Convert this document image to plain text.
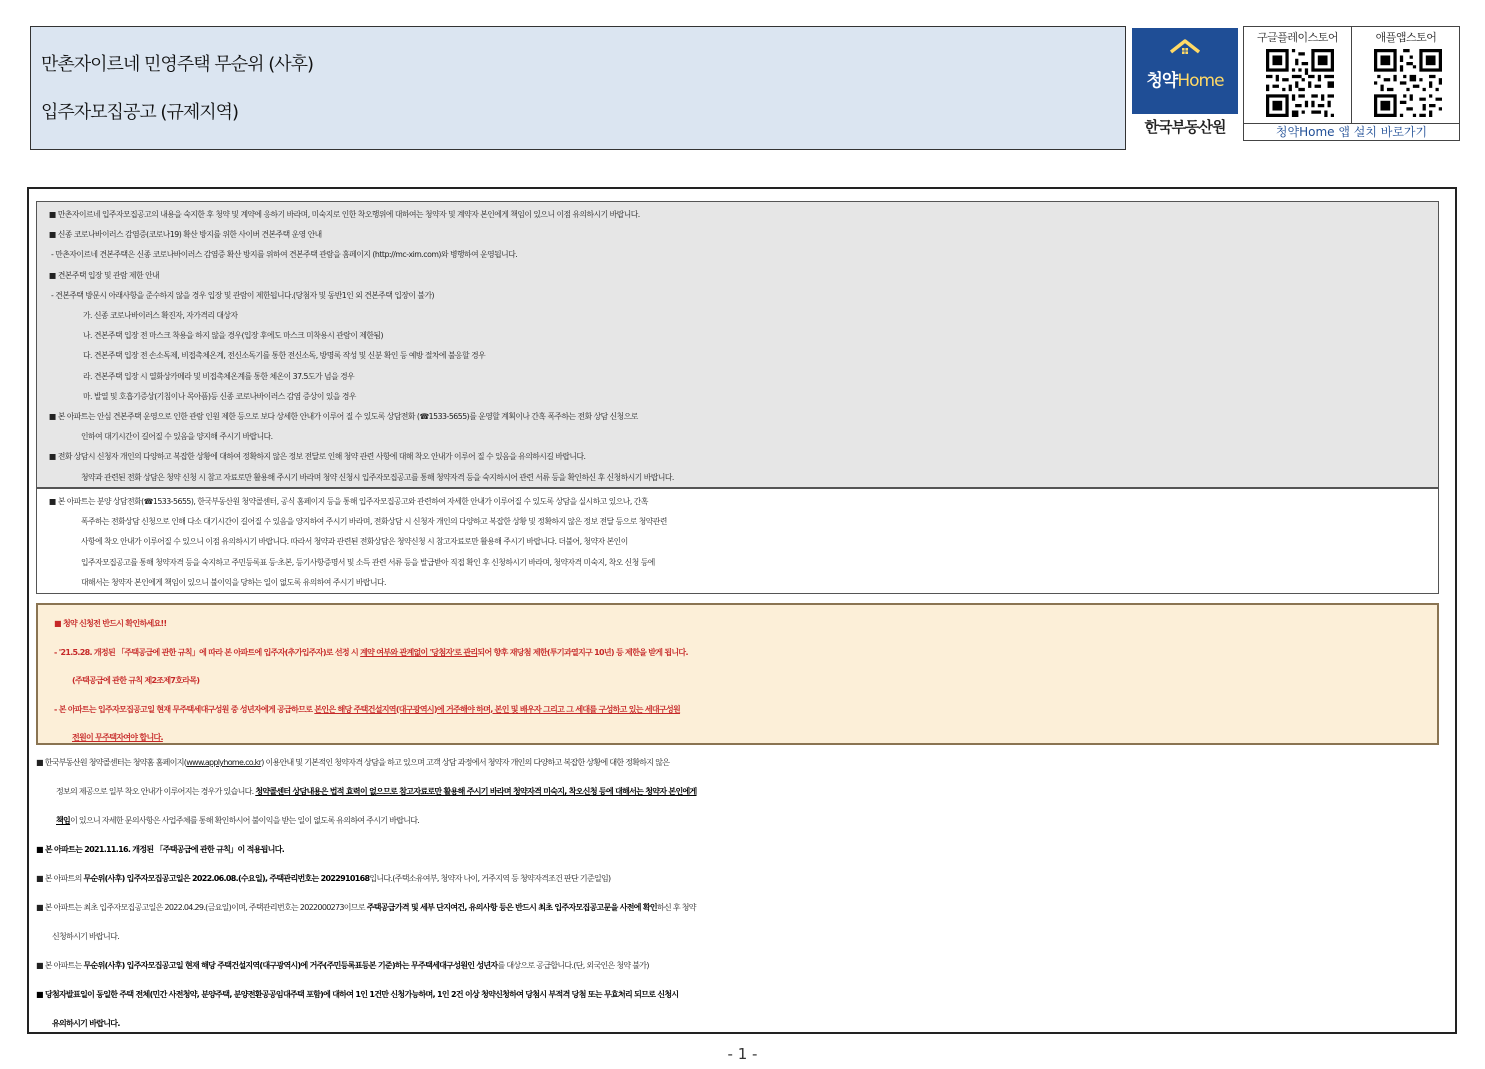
만촌자이르네 민영주택 무순위 (사후)
입주자모집공고 (규제지역)
청약Home
한국부동산원
구글플레이스토어	애플앱스토어
청약Home 앱 설치 바로가기
■ 만촌자이르네 입주자모집공고의 내용을 숙지한 후 청약 및 계약에 응하기 바라며, 미숙지로 인한 착오행위에 대하여는 청약자 및 계약자 본인에게 책임이 있으니 이점 유의하시기 바랍니다.
■ 신종 코로나바이러스 감염증(코로나19) 확산 방지를 위한 사이버 견본주택 운영 안내
- 만촌자이르네 견본주택은 신종 코로나바이러스 감염증 확산 방지를 위하여 견본주택 관람을 홈페이지 (http://mc-xirn.com)와 병행하여 운영됩니다.
■ 견본주택 입장 및 관람 제한 안내
- 견본주택 방문시 아래사항을 준수하지 않을 경우 입장 및 관람이 제한됩니다.(당첨자 및 동반1인 외 견본주택 입장이 불가)
가. 신종 코로나바이러스 확진자, 자가격리 대상자
나. 견본주택 입장 전 마스크 착용을 하지 않을 경우(입장 후에도 마스크 미착용시 관람이 제한됨)
다. 견본주택 입장 전 손소독제, 비접촉체온계, 전신소독기를 통한 전신소독, 방명록 작성 및 신분 확인 등 예방 절차에 불응할 경우
라. 견본주택 입장 시 열화상카메라 및 비접촉체온계를 통한 체온이 37.5도가 넘을 경우
마. 발열 및 호흡기증상(기침이나 목아픔)등 신종 코로나바이러스 감염 증상이 있을 경우
■ 본 아파트는 안심 견본주택 운영으로 인한 관람 인원 제한 등으로 보다 상세한 안내가 이루어 질 수 있도록 상담전화 (☎1533-5655)를 운영할 계획이나 간혹 폭주하는 전화 상담 신청으로
인하여 대기시간이 길어질 수 있음을 양지해 주시기 바랍니다.
■ 전화 상담시 신청자 개인의 다양하고 복잡한 상황에 대하여 정확하지 않은 정보 전달로 인해 청약 관련 사항에 대해 착오 안내가 이루어 질 수 있음을 유의하시길 바랍니다.
청약과 관련된 전화 상담은 청약 신청 시 참고 자료로만 활용해 주시기 바라며 청약 신청시 입주자모집공고를 통해 청약자격 등을 숙지하시어 관련 서류 등을 확인하신 후 신청하시기 바랍니다.
■ 본 아파트는 분양 상담전화(☎1533-5655), 한국부동산원 청약콜센터, 공식 홈페이지 등을 통해 입주자모집공고와 관련하여 자세한 안내가 이루어질 수 있도록 상담을 실시하고 있으나, 간혹
폭주하는 전화상담 신청으로 인해 다소 대기시간이 길어질 수 있음을 양지하여 주시기 바라며, 전화상담 시 신청자 개인의 다양하고 복잡한 상황 및 정확하지 않은 정보 전달 등으로 청약관련
사항에 착오 안내가 이루어질 수 있으니 이점 유의하시기 바랍니다. 따라서 청약과 관련된 전화상담은 청약신청 시 참고자료로만 활용해 주시기 바랍니다. 더불어, 청약자 본인이
입주자모집공고를 통해 청약자격 등을 숙지하고 주민등록표 등·초본, 등기사항증명서 및 소득 관련 서류 등을 발급받아 직접 확인 후 신청하시기 바라며, 청약자격 미숙지, 착오 신청 등에
대해서는 청약자 본인에게 책임이 있으니 불이익을 당하는 일이 없도록 유의하여 주시기 바랍니다.
■ 청약 신청전 반드시 확인하세요!!
- '21.5.28. 개정된 「주택공급에 관한 규칙」에 따라 본 아파트에 입주자(추가입주자)로 선정 시 계약 여부와 관계없이 '당첨자'로 관리되어 향후 재당첨 제한(투기과열지구 10년) 등 제한을 받게 됩니다.
(주택공급에 관한 규칙 제2조제7호라목)
- 본 아파트는 입주자모집공고일 현재 무주택세대구성원 중 성년자에게 공급하므로 본인은 해당 주택건설지역(대구광역시)에 거주해야 하며, 본인 및 배우자 그리고 그 세대를 구성하고 있는 세대구성원
전원이 무주택자여야 합니다.
■ 한국부동산원 청약콜센터는 청약홈 홈페이지(www.applyhome.co.kr) 이용안내 및 기본적인 청약자격 상담을 하고 있으며 고객 상담 과정에서 청약자 개인의 다양하고 복잡한 상황에 대한 정확하지 않은
정보의 제공으로 일부 착오 안내가 이루어지는 경우가 있습니다. 청약콜센터 상담내용은 법적 효력이 없으므로 참고자료로만 활용해 주시기 바라며 청약자격 미숙지, 착오신청 등에 대해서는 청약자 본인에게
책임이 있으니 자세한 문의사항은 사업주체를 통해 확인하시어 불이익을 받는 일이 없도록 유의하여 주시기 바랍니다.
■ 본 아파트는 2021.11.16. 개정된 「주택공급에 관한 규칙」이 적용됩니다.
■ 본 아파트의 무순위(사후) 입주자모집공고일은 2022.06.08.(수요일), 주택관리번호는 2022910168입니다.(주택소유여부, 청약자 나이, 거주지역 등 청약자격조건 판단 기준일임)
■ 본 아파트는 최초 입주자모집공고일은 2022.04.29.(금요일)이며, 주택관리번호는 2022000273이므로 주택공급가격 및 세부 단지여건, 유의사항 등은 반드시 최초 입주자모집공고문을 사전에 확인하신 후 청약
신청하시기 바랍니다.
■ 본 아파트는 무순위(사후) 입주자모집공고일 현재 해당 주택건설지역(대구광역시)에 거주(주민등록표등본 기준)하는 무주택세대구성원인 성년자를 대상으로 공급합니다.(단, 외국인은 청약 불가)
■ 당첨자발표일이 동일한 주택 전체(민간 사전청약, 분양주택, 분양전환공공임대주택 포함)에 대하여 1인 1건만 신청가능하며, 1인 2건 이상 청약신청하여 당첨시 부적격 당첨 또는 무효처리 되므로 신청시
유의하시기 바랍니다.
- 1 -
